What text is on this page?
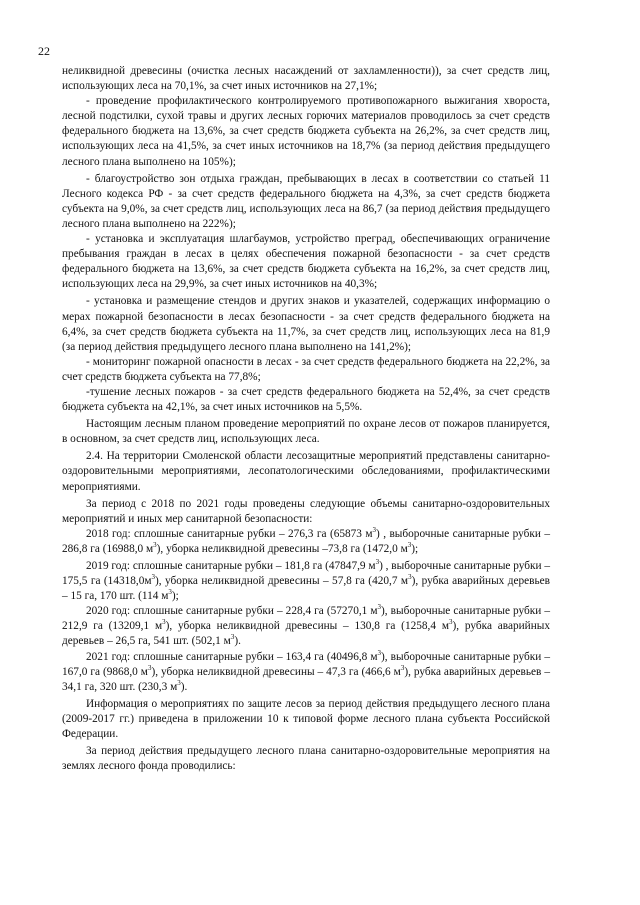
22

неликвидной древесины (очистка лесных насаждений от захламленности)), за счет средств лиц, использующих леса на 70,1%, за счет иных источников на 27,1%;

- проведение профилактического контролируемого противопожарного выжигания хвороста, лесной подстилки, сухой травы и других лесных горючих материалов проводилось за счет средств федерального бюджета на 13,6%, за счет средств бюджета субъекта на 26,2%, за счет средств лиц, использующих леса на 41,5%, за счет иных источников на 18,7% (за период действия предыдущего лесного плана выполнено на 105%);

- благоустройство зон отдыха граждан, пребывающих в лесах в соответствии со статьей 11 Лесного кодекса РФ - за счет средств федерального бюджета на 4,3%, за счет средств бюджета субъекта на 9,0%, за счет средств лиц, использующих леса на 86,7 (за период действия предыдущего лесного плана выполнено на 222%);

- установка и эксплуатация шлагбаумов, устройство преград, обеспечивающих ограничение пребывания граждан в лесах в целях обеспечения пожарной безопасности - за счет средств федерального бюджета на 13,6%, за счет средств бюджета субъекта на 16,2%, за счет средств лиц, использующих леса на 29,9%, за счет иных источников на 40,3%;

- установка и размещение стендов и других знаков и указателей, содержащих информацию о мерах пожарной безопасности в лесах безопасности - за счет средств федерального бюджета на 6,4%, за счет средств бюджета субъекта на 11,7%, за счет средств лиц, использующих леса на 81,9 (за период действия предыдущего лесного плана выполнено на 141,2%);

- мониторинг пожарной опасности в лесах - за счет средств федерального бюджета на 22,2%, за счет средств бюджета субъекта на 77,8%;

-тушение лесных пожаров - за счет средств федерального бюджета на 52,4%, за счет средств бюджета субъекта на 42,1%, за счет иных источников на 5,5%.

Настоящим лесным планом проведение мероприятий по охране лесов от пожаров планируется, в основном, за счет средств лиц, использующих леса.

2.4. На территории Смоленской области лесозащитные мероприятий представлены санитарно-оздоровительными мероприятиями, лесопатологическими обследованиями, профилактическими мероприятиями.

За период с 2018 по 2021 годы проведены следующие объемы санитарно-оздоровительных мероприятий и иных мер санитарной безопасности:

2018 год: сплошные санитарные рубки – 276,3 га (65873 $м^3$) , выборочные санитарные рубки – 286,8 га (16988,0 $м^3$), уборка неликвидной древесины –73,8 га (1472,0 $м^3$);

2019 год: сплошные санитарные рубки – 181,8 га (47847,9 $м^3$) , выборочные санитарные рубки – 175,5 га $(14318,0м^3)$, уборка неликвидной древесины – 57,8 га (420,7 $м^3$), рубка аварийных деревьев – 15 га, 170 шт. (114 $м^3$);

2020 год: сплошные санитарные рубки – 228,4 га (57270,1 $м^3$), выборочные санитарные рубки – 212,9 га (13209,1 $м^3$), уборка неликвидной древесины – 130,8 га (1258,4 $м^3$), рубка аварийных деревьев – 26,5 га, 541 шт. (502,1 $м^3$).

2021 год: сплошные санитарные рубки – 163,4 га (40496,8 $м^3$), выборочные санитарные рубки – 167,0 га (9868,0 $м^3$), уборка неликвидной древесины – 47,3 га (466,6 $м^3$), рубка аварийных деревьев – 34,1 га, 320 шт. (230,3 $м^3$).

Информация о мероприятиях по защите лесов за период действия предыдущего лесного плана (2009-2017 гг.) приведена в приложении 10 к типовой форме лесного плана субъекта Российской Федерации.

За период действия предыдущего лесного плана санитарно-оздоровительные мероприятия на землях лесного фонда проводились:
